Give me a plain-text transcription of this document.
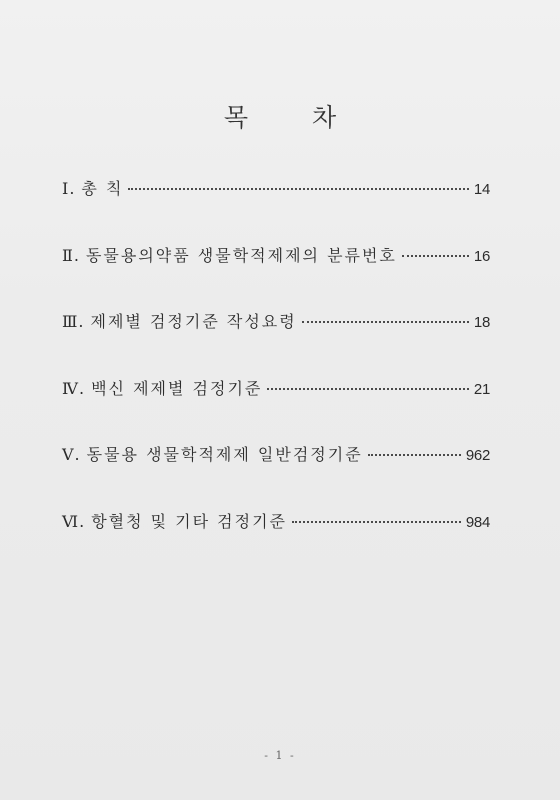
목 차
Ⅰ. 총 칙	14
Ⅱ. 동물용의약품 생물학적제제의 분류번호	16
Ⅲ. 제제별 검정기준 작성요령	18
Ⅳ. 백신 제제별 검정기준	21
Ⅴ. 동물용 생물학적제제 일반검정기준	962
Ⅵ. 항혈청 및 기타 검정기준	984
- 1 -
